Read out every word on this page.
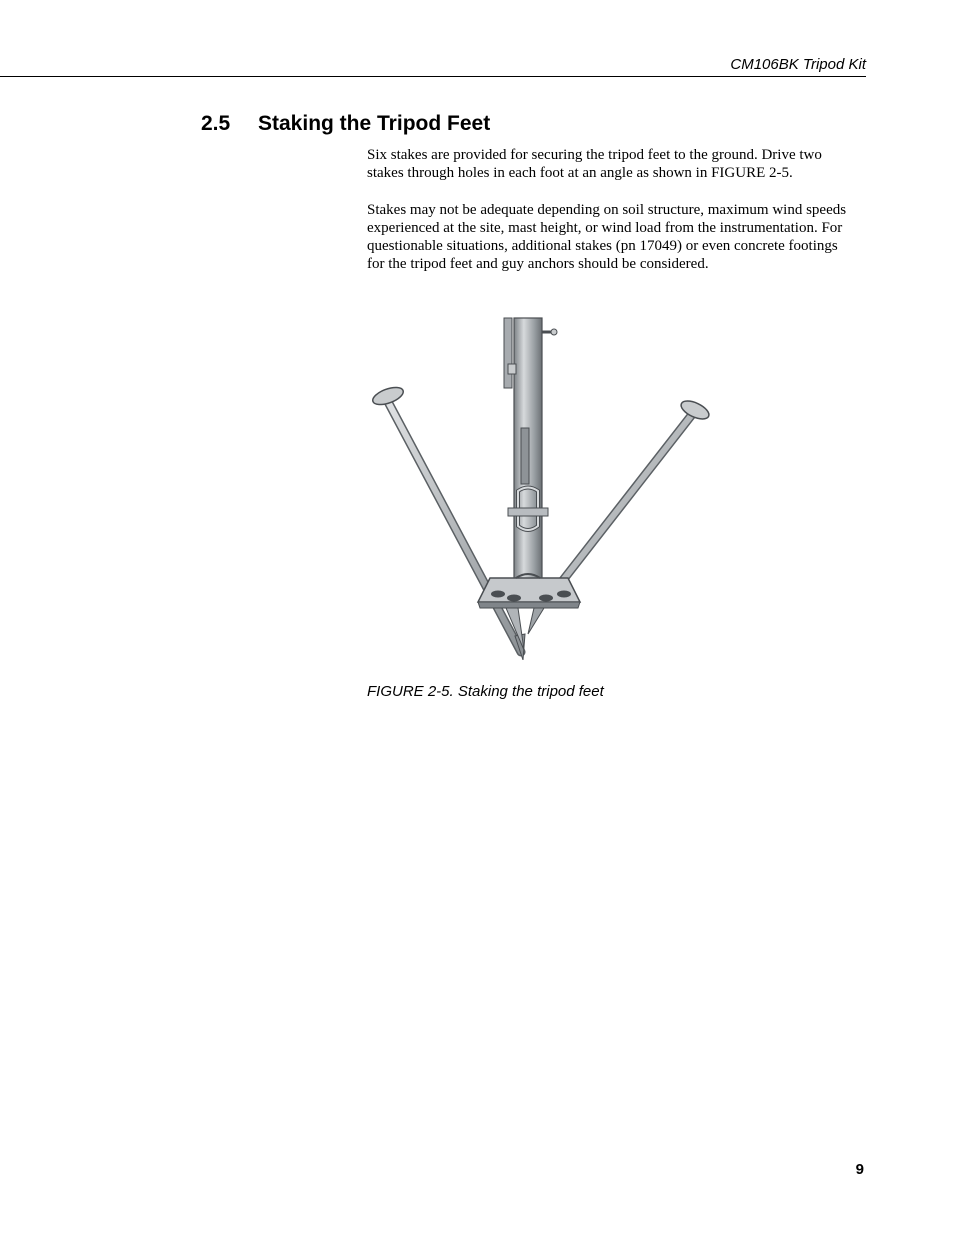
CM106BK Tripod Kit
2.5 Staking the Tripod Feet

Six stakes are provided for securing the tripod feet to the ground. Drive two stakes through holes in each foot at an angle as shown in FIGURE 2-5.

Stakes may not be adequate depending on soil structure, maximum wind speeds experienced at the site, mast height, or wind load from the instrumentation. For questionable situations, additional stakes (pn 17049) or even concrete footings for the tripod feet and guy anchors should be considered.

FIGURE 2-5. Staking the tripod feet
9
